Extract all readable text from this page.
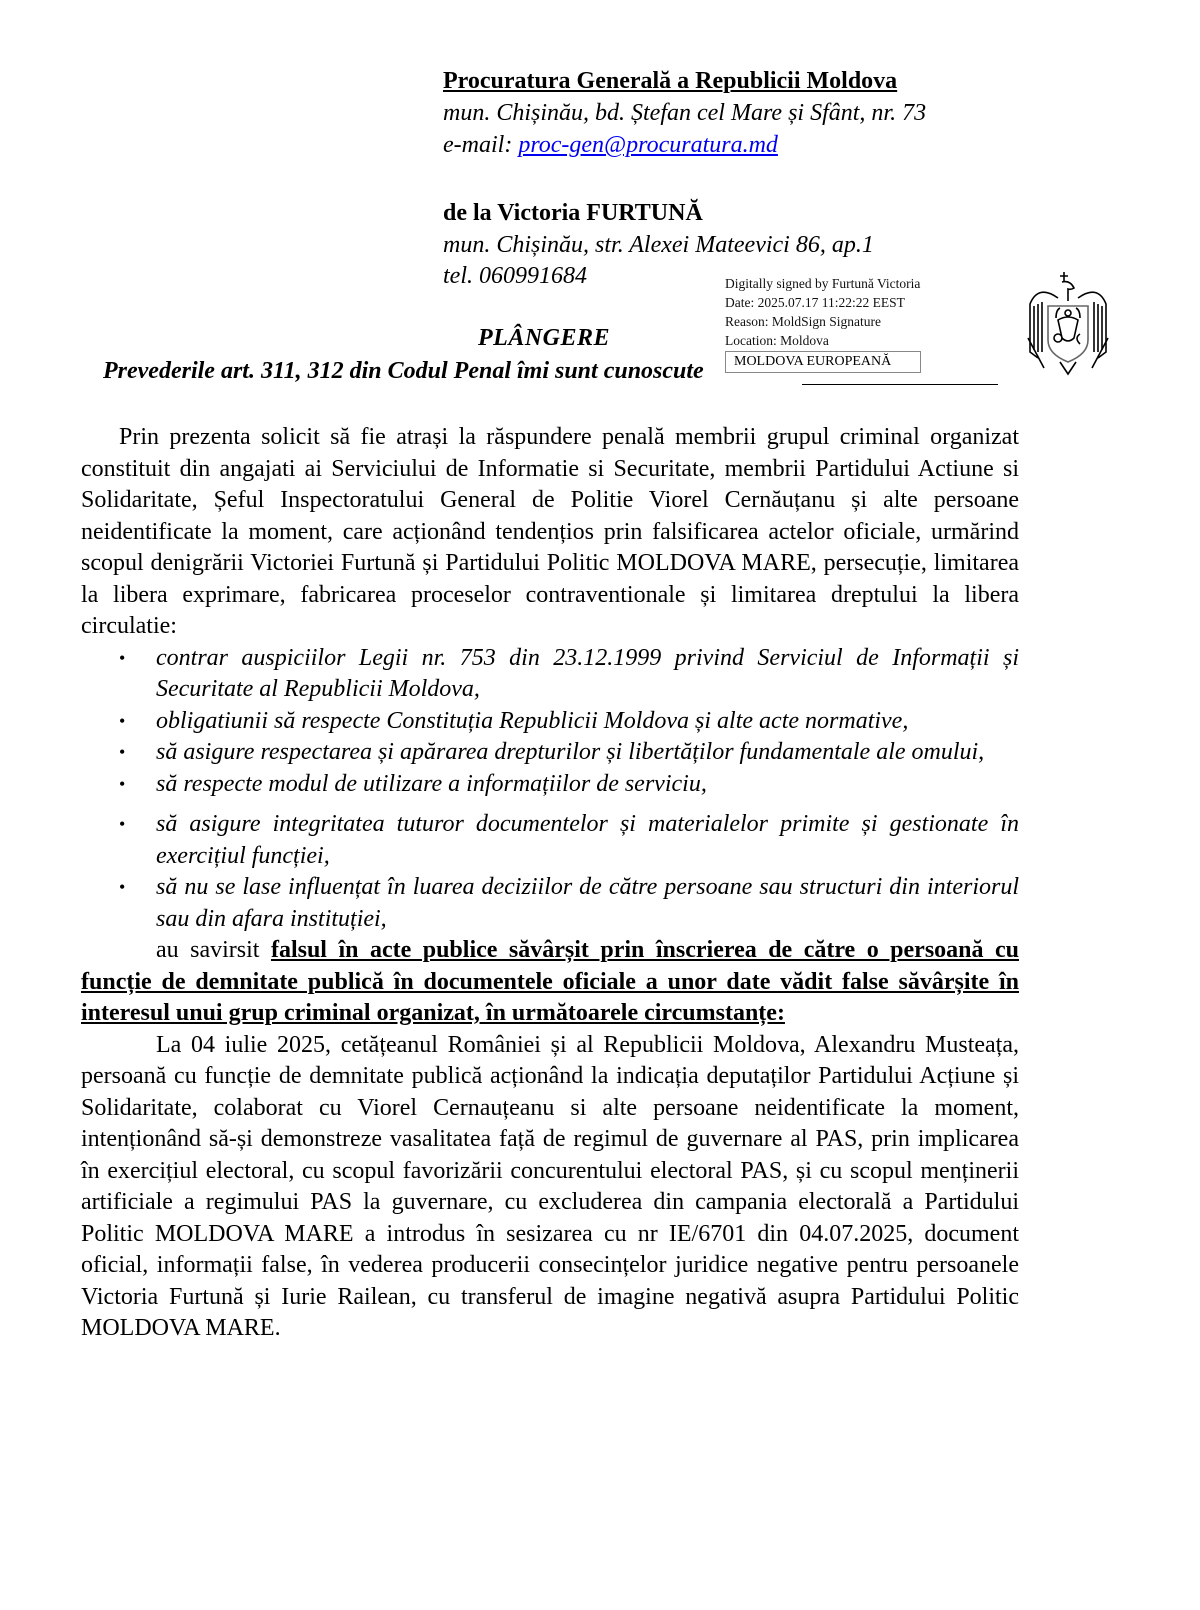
Procuratura Generală a Republicii Moldova
mun. Chișinău, bd. Ștefan cel Mare și Sfânt, nr. 73
e-mail: proc-gen@procuratura.md
de la Victoria FURTUNĂ
mun. Chișinău, str. Alexei Mateevici 86, ap.1
tel. 060991684	Digitally signed by Furtună Victoria
Date: 2025.07.17 11:22:22 EEST
Reason: MoldSign Signature
Location: Moldova
MOLDOVA EUROPEANĂ
PLÂNGERE
Prevederile art. 311, 312 din Codul Penal îmi sunt cunoscute

Prin prezenta solicit să fie atrași la răspundere penală membrii grupul criminal organizat constituit din angajati ai Serviciului de Informatie si Securitate, membrii Partidului Actiune si Solidaritate, Șeful Inspectoratului General de Politie Viorel Cernăuțanu și alte persoane neidentificate la moment, care acționând tendențios prin falsificarea actelor oficiale, urmărind scopul denigrării Victoriei Furtună și Partidului Politic MOLDOVA MARE, persecuție, limitarea la libera exprimare, fabricarea proceselor contraventionale și limitarea dreptului la libera circulatie:

• contrar auspiciilor Legii nr. 753 din 23.12.1999 privind Serviciul de Informații și Securitate al Republicii Moldova,
• obligatiunii să respecte Constituția Republicii Moldova și alte acte normative,
• să asigure respectarea și apărarea drepturilor și libertăților fundamentale ale omului,
• să respecte modul de utilizare a informațiilor de serviciu,
• să asigure integritatea tuturor documentelor și materialelor primite și gestionate în exercițiul funcției,
• să nu se lase influențat în luarea deciziilor de către persoane sau structuri din interiorul sau din afara instituției,

au savirsit falsul în acte publice săvârșit prin înscrierea de către o persoană cu funcție de demnitate publică în documentele oficiale a unor date vădit false săvârșite în interesul unui grup criminal organizat, în următoarele circumstanțe:

La 04 iulie 2025, cetățeanul României și al Republicii Moldova, Alexandru Musteața, persoană cu funcție de demnitate publică acționând la indicația deputaților Partidului Acțiune și Solidaritate, colaborat cu Viorel Cernauțeanu si alte persoane neidentificate la moment, intenționând să-și demonstreze vasalitatea față de regimul de guvernare al PAS, prin implicarea în exercițiul electoral, cu scopul favorizării concurentului electoral PAS, și cu scopul menținerii artificiale a regimului PAS la guvernare, cu excluderea din campania electorală a Partidului Politic MOLDOVA MARE a introdus în sesizarea cu nr IE/6701 din 04.07.2025, document oficial, informații false, în vederea producerii consecințelor juridice negative pentru persoanele Victoria Furtună și Iurie Railean, cu transferul de imagine negativă asupra Partidului Politic MOLDOVA MARE.
